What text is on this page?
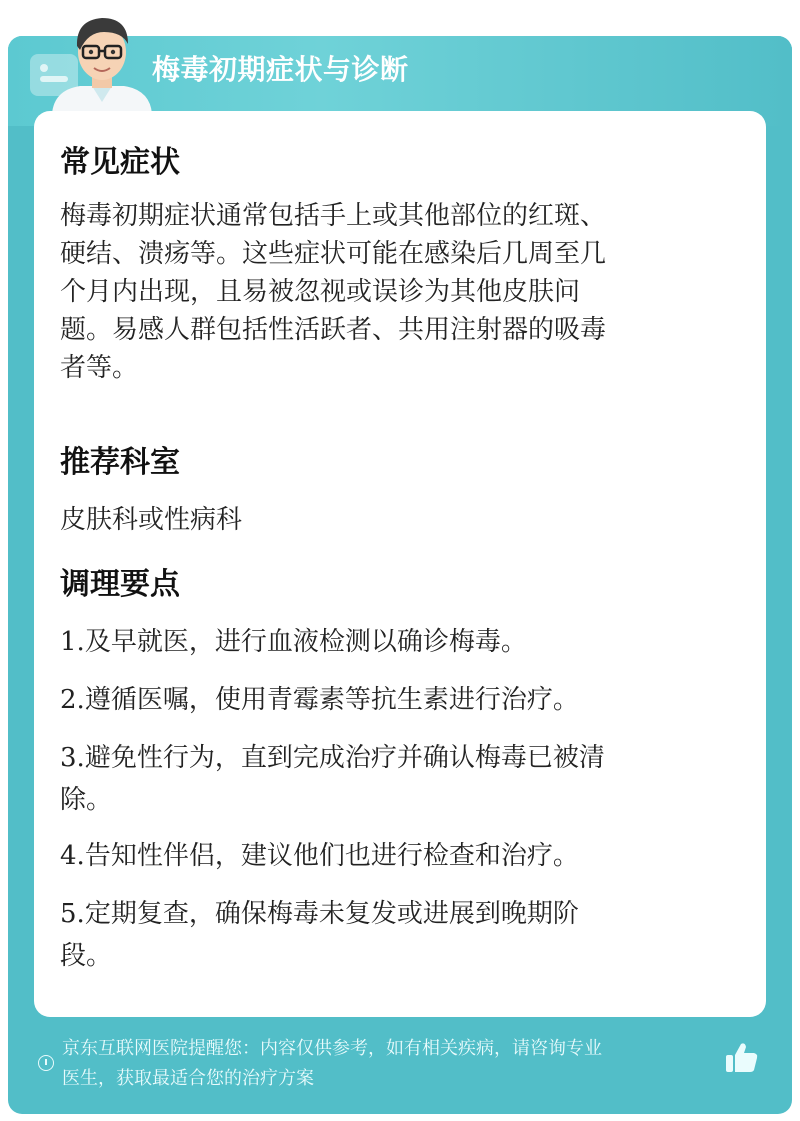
梅毒初期症状与诊断
常见症状
梅毒初期症状通常包括手上或其他部位的红斑、
硬结、溃疡等。这些症状可能在感染后几周至几
个月内出现，且易被忽视或误诊为其他皮肤问
题。易感人群包括性活跃者、共用注射器的吸毒
者等。
推荐科室
皮肤科或性病科
调理要点
1.及早就医，进行血液检测以确诊梅毒。
2.遵循医嘱，使用青霉素等抗生素进行治疗。
3.避免性行为，直到完成治疗并确认梅毒已被清
除。
4.告知性伴侣，建议他们也进行检查和治疗。
5.定期复查，确保梅毒未复发或进展到晚期阶
段。
京东互联网医院提醒您：内容仅供参考，如有相关疾病，请咨询专业
医生，获取最适合您的治疗方案
